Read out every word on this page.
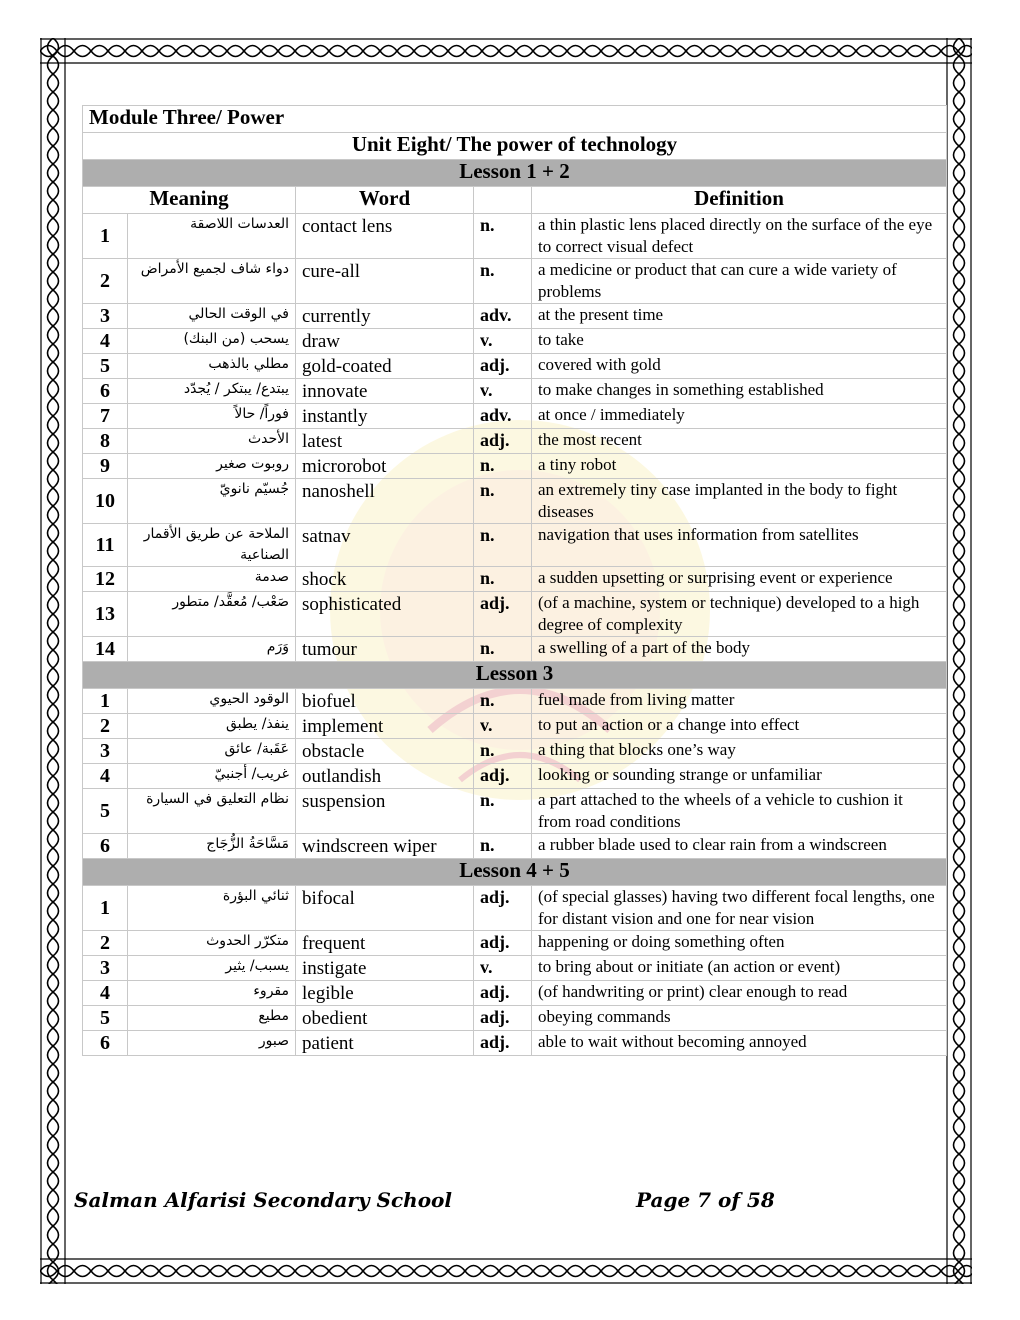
Module Three/ Power				
Unit Eight/ The power of technology				
Lesson 1 + 2				
Meaning		Word		Definition
1	العدسات اللاصقة	contact lens	n.	a thin plastic lens placed directly on the surface of the eye to correct visual defect
2	دواء شاف لجميع الأمراض	cure-all	n.	a medicine or product that can cure a wide variety of problems
3	في الوقت الحالي	currently	adv.	at the present time
4	يسحب (من البنك)	draw	v.	to take
5	مطلي بالذهب	gold-coated	adj.	covered with gold
6	يبتدع/ يبتكر / يُجدّد	innovate	v.	to make changes in something established
7	فوراً/ حالاً	instantly	adv.	at once / immediately
8	الأحدث	latest	adj.	the most recent
9	روبوت صغير	microrobot	n.	a tiny robot
10	جُسيّم نانويّ	nanoshell	n.	an extremely tiny case implanted in the body to fight diseases
11	الملاحة عن طريق الأقمار الصناعية	satnav	n.	navigation that uses information from satellites
12	صدمة	shock	n.	a sudden upsetting or surprising event or experience
13	صَعْب/ مُعقَّد/ متطور	sophisticated	adj.	(of a machine, system or technique) developed to a high degree of complexity
14	وَرَم	tumour	n.	a swelling of a part of the body
Lesson 3				
1	الوقود الحيوي	biofuel	n.	fuel made from living matter
2	ينفذ/ يطبق	implement	v.	to put an action or a change into effect
3	عَقَبة/ عائق	obstacle	n.	a thing that blocks one’s way
4	غريب/ أجنبيّ	outlandish	adj.	looking or sounding strange or unfamiliar
5	نظام التعليق في السيارة	suspension	n.	a part attached to the wheels of a vehicle to cushion it from road conditions
6	مَسَّاحَةُ الزُّجَاج	windscreen wiper	n.	a rubber blade used to clear rain from a windscreen
Lesson 4 + 5				
1	ثنائي البؤرة	bifocal	adj.	(of special glasses) having two different focal lengths, one for distant vision and one for near vision
2	متكرّر الحدوث	frequent	adj.	happening or doing something often
3	يسبب/ يثير	instigate	v.	to bring about or initiate (an action or event)
4	مقروء	legible	adj.	(of handwriting or print) clear enough to read
5	مطيع	obedient	adj.	obeying commands
6	صبور	patient	adj.	able to wait without becoming annoyed
Salman Alfarisi Secondary School	Page 7 of 58
